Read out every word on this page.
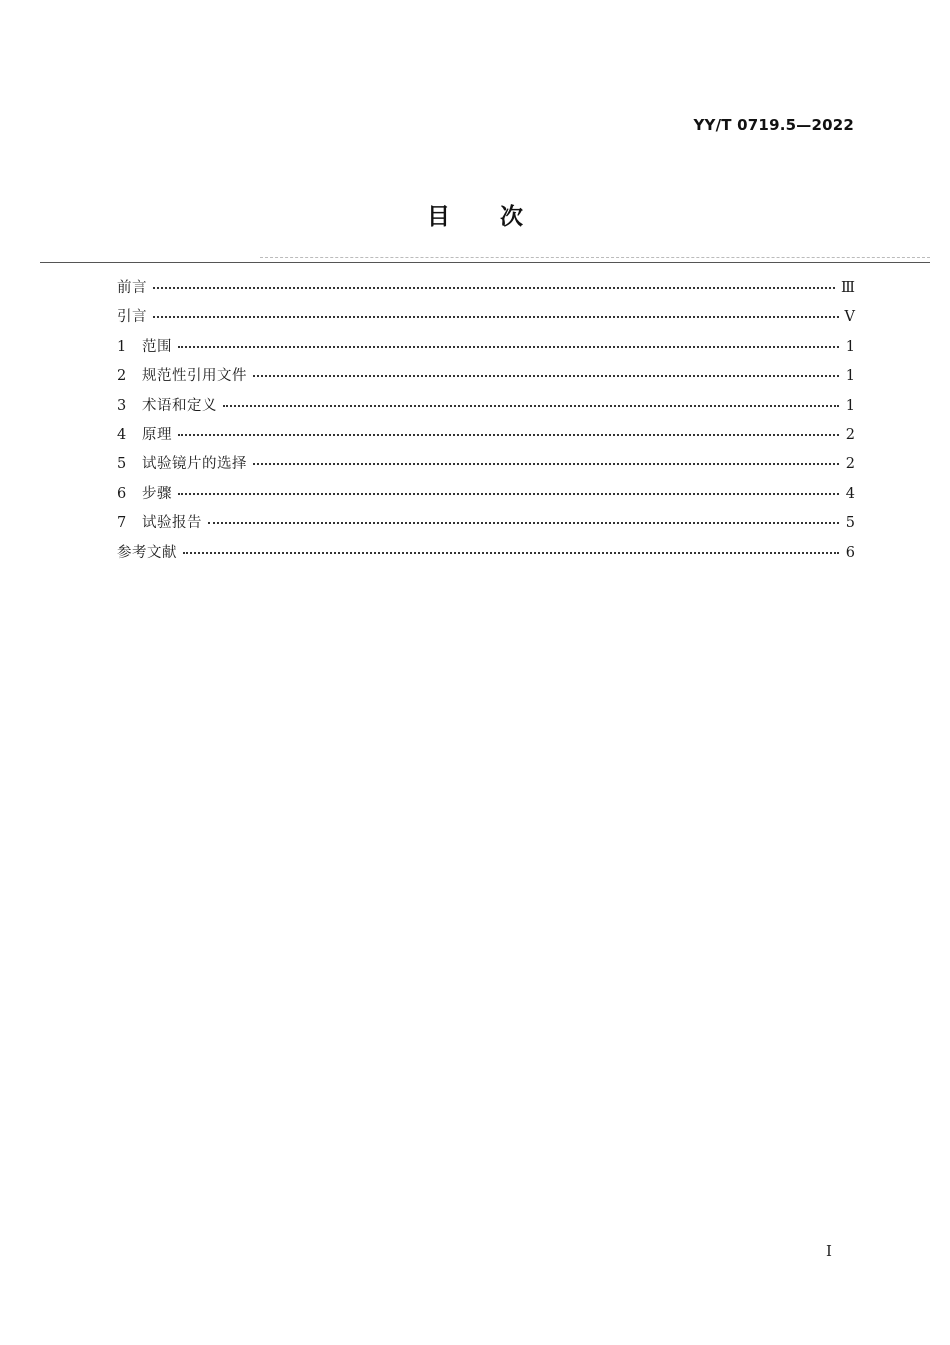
YY/T 0719.5—2022
目次
前言	Ⅲ
引言	Ⅴ
1	范围	1
2	规范性引用文件	1
3	术语和定义	1
4	原理	2
5	试验镜片的选择	2
6	步骤	4
7	试验报告	5
参考文献	6
I
